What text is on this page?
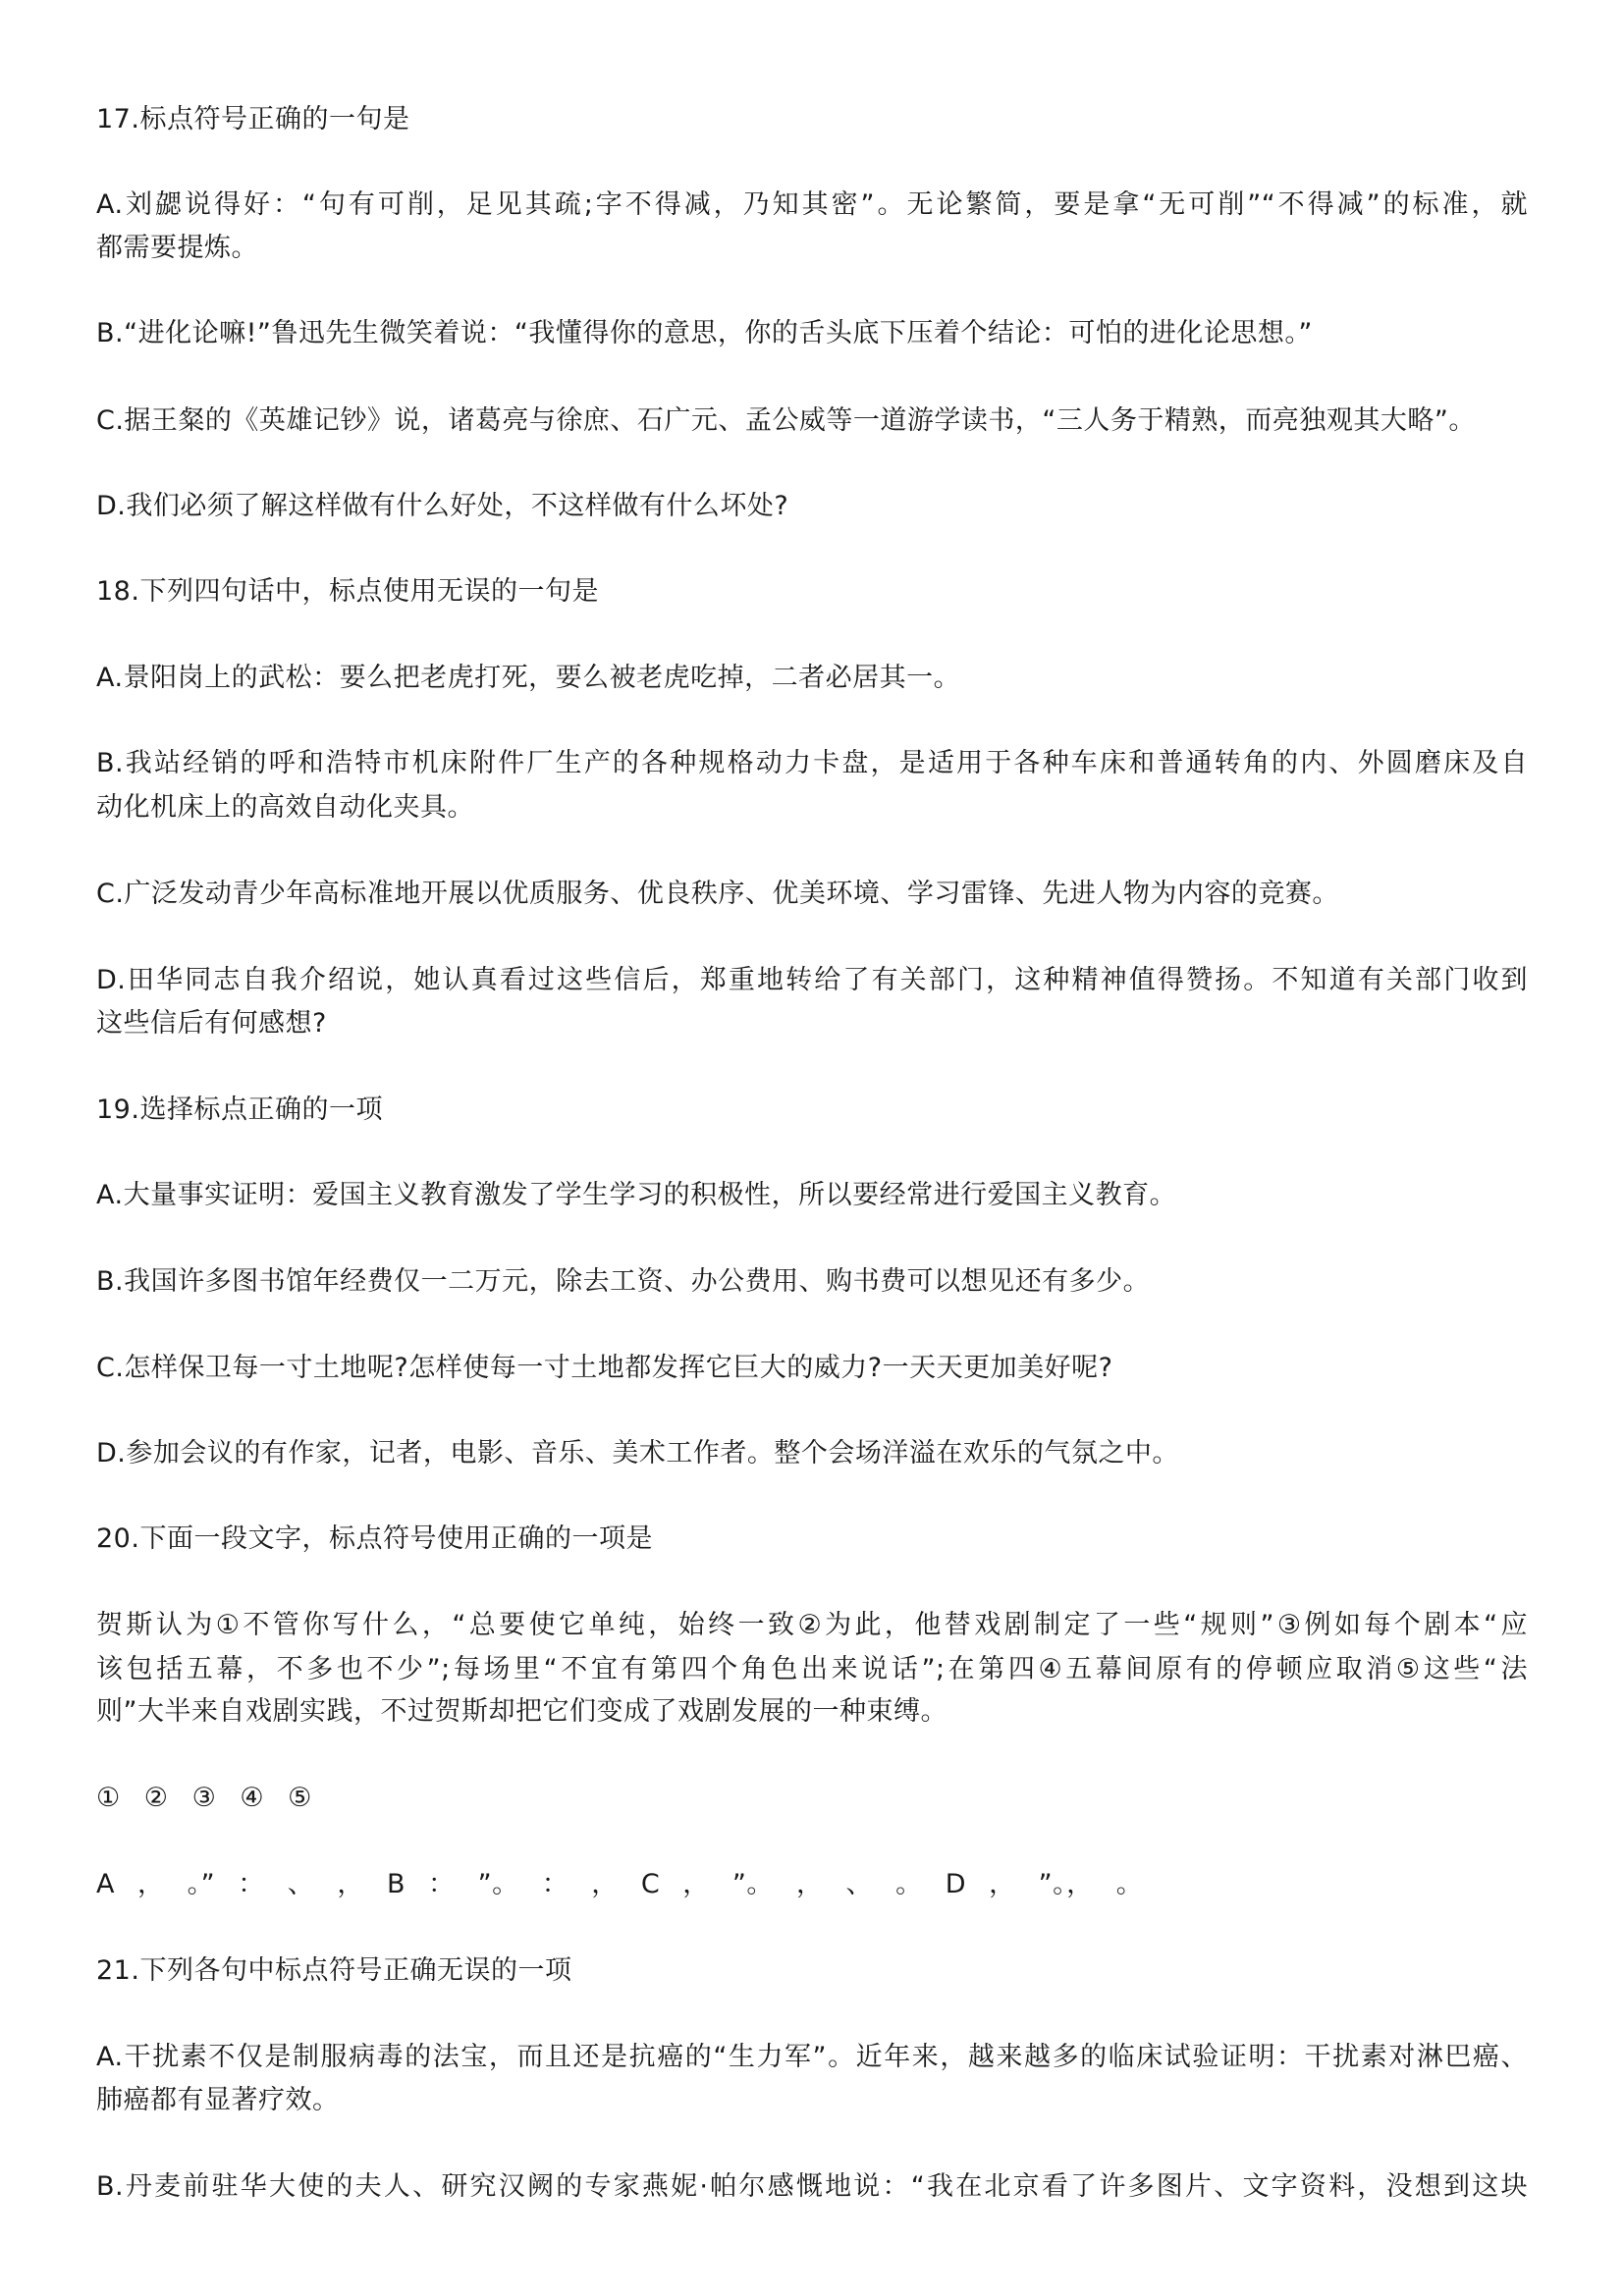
17.标点符号正确的一句是
A.刘勰说得好：“句有可削，足见其疏;字不得减，乃知其密”。无论繁简，要是拿“无可削”“不得减”的标准，就
都需要提炼。
B.“进化论嘛!”鲁迅先生微笑着说：“我懂得你的意思，你的舌头底下压着个结论：可怕的进化论思想。”
C.据王粲的《英雄记钞》说，诸葛亮与徐庶、石广元、孟公威等一道游学读书，“三人务于精熟，而亮独观其大略”。
D.我们必须了解这样做有什么好处，不这样做有什么坏处?
18.下列四句话中，标点使用无误的一句是
A.景阳岗上的武松：要么把老虎打死，要么被老虎吃掉，二者必居其一。
B.我站经销的呼和浩特市机床附件厂生产的各种规格动力卡盘，是适用于各种车床和普通转角的内、外圆磨床及自
动化机床上的高效自动化夹具。
C.广泛发动青少年高标准地开展以优质服务、优良秩序、优美环境、学习雷锋、先进人物为内容的竞赛。
D.田华同志自我介绍说，她认真看过这些信后，郑重地转给了有关部门，这种精神值得赞扬。不知道有关部门收到
这些信后有何感想?
19.选择标点正确的一项
A.大量事实证明：爱国主义教育激发了学生学习的积极性，所以要经常进行爱国主义教育。
B.我国许多图书馆年经费仅一二万元，除去工资、办公费用、购书费可以想见还有多少。
C.怎样保卫每一寸土地呢?怎样使每一寸土地都发挥它巨大的威力?一天天更加美好呢?
D.参加会议的有作家，记者，电影、音乐、美术工作者。整个会场洋溢在欢乐的气氛之中。
20.下面一段文字，标点符号使用正确的一项是
贺斯认为①不管你写什么，“总要使它单纯，始终一致②为此，他替戏剧制定了一些“规则”③例如每个剧本“应
该包括五幕，不多也不少”;每场里“不宜有第四个角色出来说话”;在第四④五幕间原有的停顿应取消⑤这些“法
则”大半来自戏剧实践，不过贺斯却把它们变成了戏剧发展的一种束缚。
① ② ③ ④ ⑤
A ， 。” ： 、 ， B ： ”。 ： ， C ， ”。 ， 、 。 D ， ”。， 。
21.下列各句中标点符号正确无误的一项
A.干扰素不仅是制服病毒的法宝，而且还是抗癌的“生力军”。近年来，越来越多的临床试验证明：干扰素对淋巴癌、
肺癌都有显著疗效。
B.丹麦前驻华大使的夫人、研究汉阙的专家燕妮·帕尔感慨地说：“我在北京看了许多图片、文字资料，没想到这块
